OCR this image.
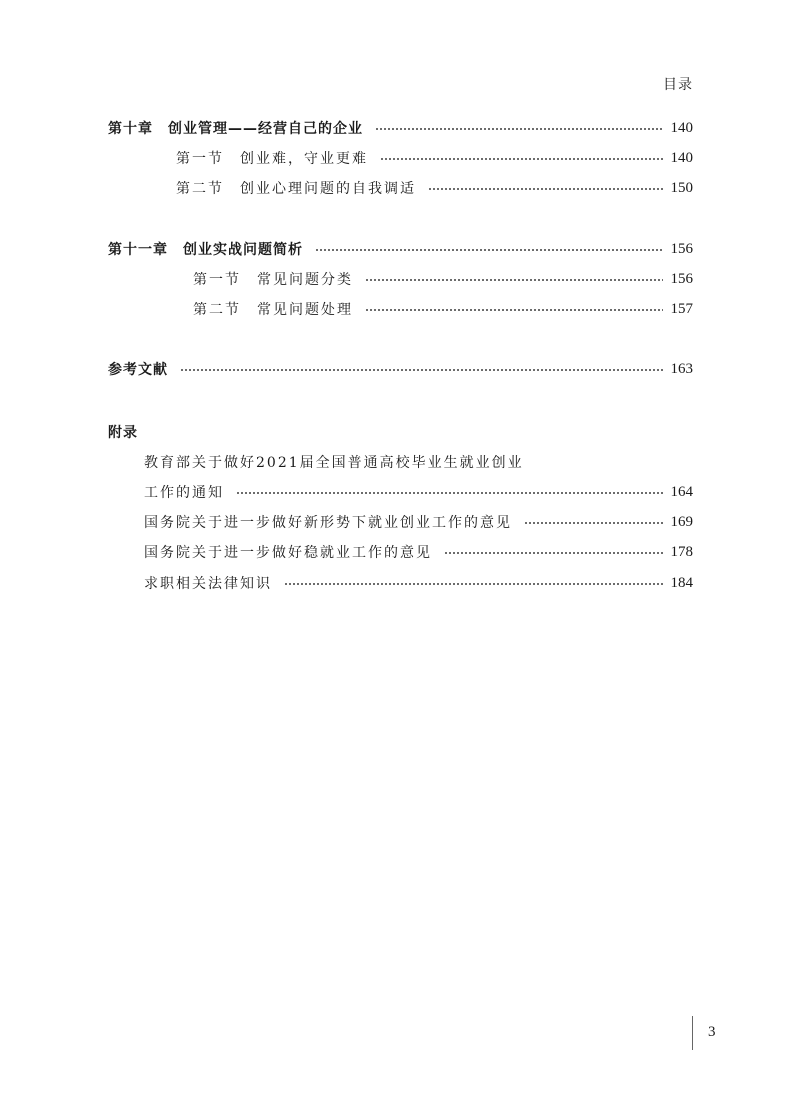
目录
第十章　创业管理——经营自己的企业	140
第一节　创业难，守业更难	140
第二节　创业心理问题的自我调适	150
第十一章　创业实战问题简析	156
第一节　常见问题分类	156
第二节　常见问题处理	157
参考文献	163
附录
教育部关于做好2021届全国普通高校毕业生就业创业
工作的通知	164
国务院关于进一步做好新形势下就业创业工作的意见	169
国务院关于进一步做好稳就业工作的意见	178
求职相关法律知识	184
3
